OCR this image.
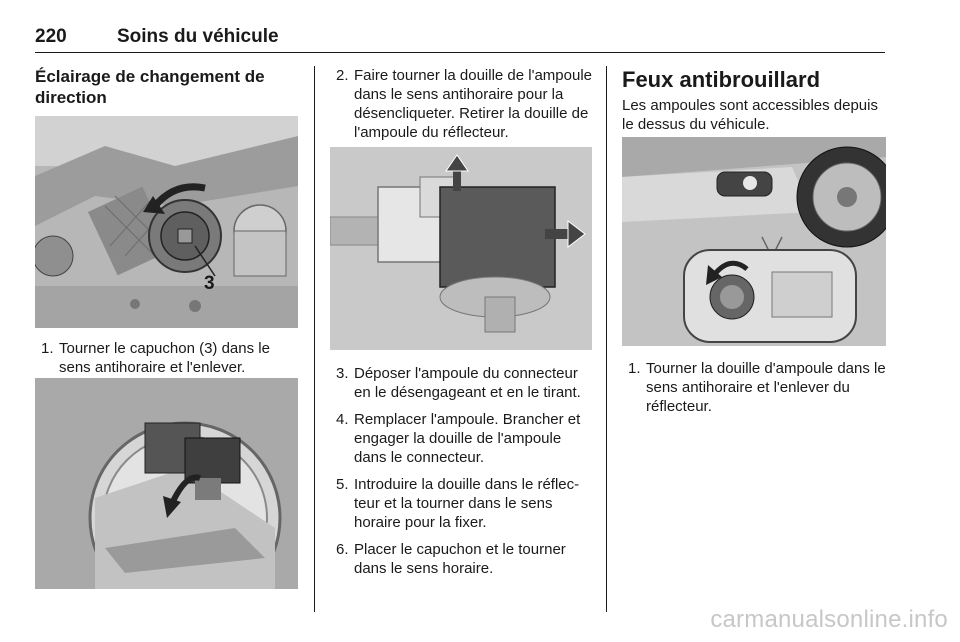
220	Soins du véhicule
Éclairage de changement de direction
3
1. Tourner le capuchon (3) dans le sens antihoraire et l'enlever.
2. Faire tourner la douille de l'ampoule dans le sens antihoraire pour la désencliqueter. Retirer la douille de l'ampoule du réflecteur.
3. Déposer l'ampoule du connecteur en le désengageant et en le tirant.
4. Remplacer l'ampoule. Brancher et engager la douille de l'ampoule dans le connecteur.
5. Introduire la douille dans le réflecteur et la tourner dans le sens horaire pour la fixer.
6. Placer le capuchon et le tourner dans le sens horaire.
Feux antibrouillard

Les ampoules sont accessibles depuis le dessus du véhicule.

1. Tourner la douille d'ampoule dans le sens antihoraire et l'enlever du réflecteur.
carmanualsonline.info
